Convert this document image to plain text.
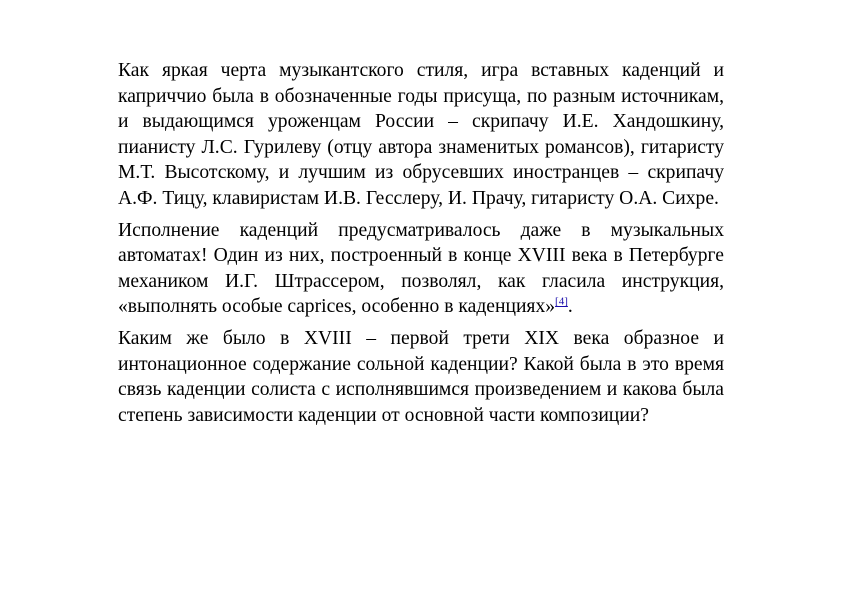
Как яркая черта музыкантского стиля, игра вставных каденций и каприччио была в обозначенные годы присуща, по разным источникам, и выдающимся уроженцам России – скрипачу И.Е. Хандошкину, пианисту Л.С. Гурилеву (отцу автора знаменитых романсов), гитаристу М.Т. Высотскому, и лучшим из обрусевших иностранцев – скрипачу А.Ф. Тицу, клавиристам И.В. Гесслеру, И. Прачу, гитаристу О.А. Сихре.

Исполнение каденций предусматривалось даже в музыкальных автоматах! Один из них, построенный в конце XVIII века в Петербурге механиком И.Г. Штрассером, позволял, как гласила инструкция, «выполнять особые caprices, особенно в каденциях»[4].

Каким же было в XVIII – первой трети XIX века образное и интонационное содержание сольной каденции? Какой была в это время связь каденции солиста с исполнявшимся произведением и какова была степень зависимости каденции от основной части композиции?
